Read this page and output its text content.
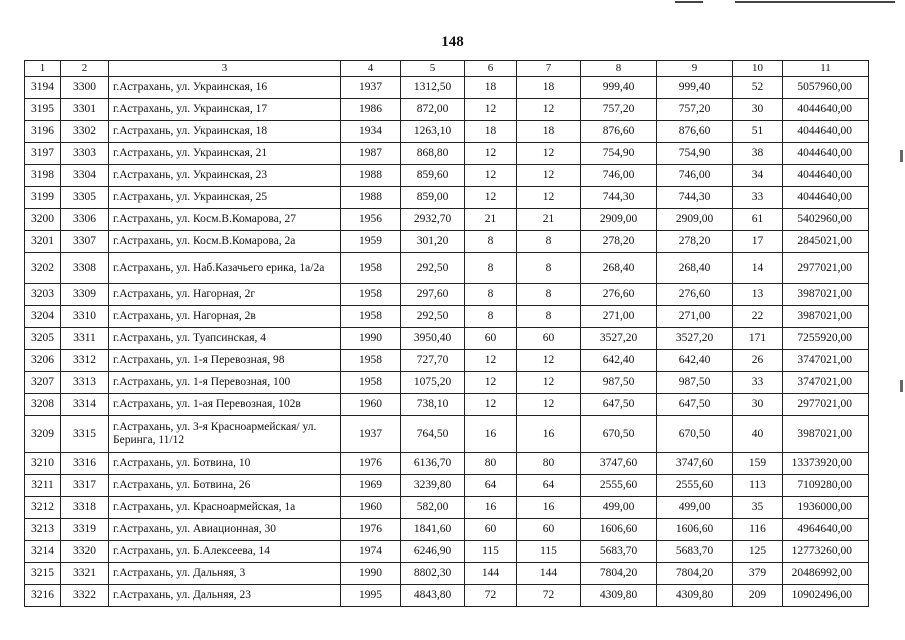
148
1	2	3	4	5	6	7	8	9	10	11
3194	3300	г.Астрахань, ул. Украинская, 16	1937	1312,50	18	18	999,40	999,40	52	5057960,00
3195	3301	г.Астрахань, ул. Украинская, 17	1986	872,00	12	12	757,20	757,20	30	4044640,00
3196	3302	г.Астрахань, ул. Украинская, 18	1934	1263,10	18	18	876,60	876,60	51	4044640,00
3197	3303	г.Астрахань, ул. Украинская, 21	1987	868,80	12	12	754,90	754,90	38	4044640,00
3198	3304	г.Астрахань, ул. Украинская, 23	1988	859,60	12	12	746,00	746,00	34	4044640,00
3199	3305	г.Астрахань, ул. Украинская, 25	1988	859,00	12	12	744,30	744,30	33	4044640,00
3200	3306	г.Астрахань, ул. Косм.В.Комарова, 27	1956	2932,70	21	21	2909,00	2909,00	61	5402960,00
3201	3307	г.Астрахань, ул. Косм.В.Комарова, 2а	1959	301,20	8	8	278,20	278,20	17	2845021,00
3202	3308	г.Астрахань, ул. Наб.Казачьего ерика, 1а/2а	1958	292,50	8	8	268,40	268,40	14	2977021,00
3203	3309	г.Астрахань, ул. Нагорная, 2г	1958	297,60	8	8	276,60	276,60	13	3987021,00
3204	3310	г.Астрахань, ул. Нагорная, 2в	1958	292,50	8	8	271,00	271,00	22	3987021,00
3205	3311	г.Астрахань, ул. Туапсинская, 4	1990	3950,40	60	60	3527,20	3527,20	171	7255920,00
3206	3312	г.Астрахань, ул. 1-я Перевозная, 98	1958	727,70	12	12	642,40	642,40	26	3747021,00
3207	3313	г.Астрахань, ул. 1-я Перевозная, 100	1958	1075,20	12	12	987,50	987,50	33	3747021,00
3208	3314	г.Астрахань, ул. 1-ая Перевозная, 102в	1960	738,10	12	12	647,50	647,50	30	2977021,00
3209	3315	г.Астрахань, ул. 3-я Красноармейская/ ул. Беринга, 11/12	1937	764,50	16	16	670,50	670,50	40	3987021,00
3210	3316	г.Астрахань, ул. Ботвина, 10	1976	6136,70	80	80	3747,60	3747,60	159	13373920,00
3211	3317	г.Астрахань, ул. Ботвина, 26	1969	3239,80	64	64	2555,60	2555,60	113	7109280,00
3212	3318	г.Астрахань, ул. Красноармейская, 1а	1960	582,00	16	16	499,00	499,00	35	1936000,00
3213	3319	г.Астрахань, ул. Авиационная, 30	1976	1841,60	60	60	1606,60	1606,60	116	4964640,00
3214	3320	г.Астрахань, ул. Б.Алексеева, 14	1974	6246,90	115	115	5683,70	5683,70	125	12773260,00
3215	3321	г.Астрахань, ул. Дальняя, 3	1990	8802,30	144	144	7804,20	7804,20	379	20486992,00
3216	3322	г.Астрахань, ул. Дальняя, 23	1995	4843,80	72	72	4309,80	4309,80	209	10902496,00
